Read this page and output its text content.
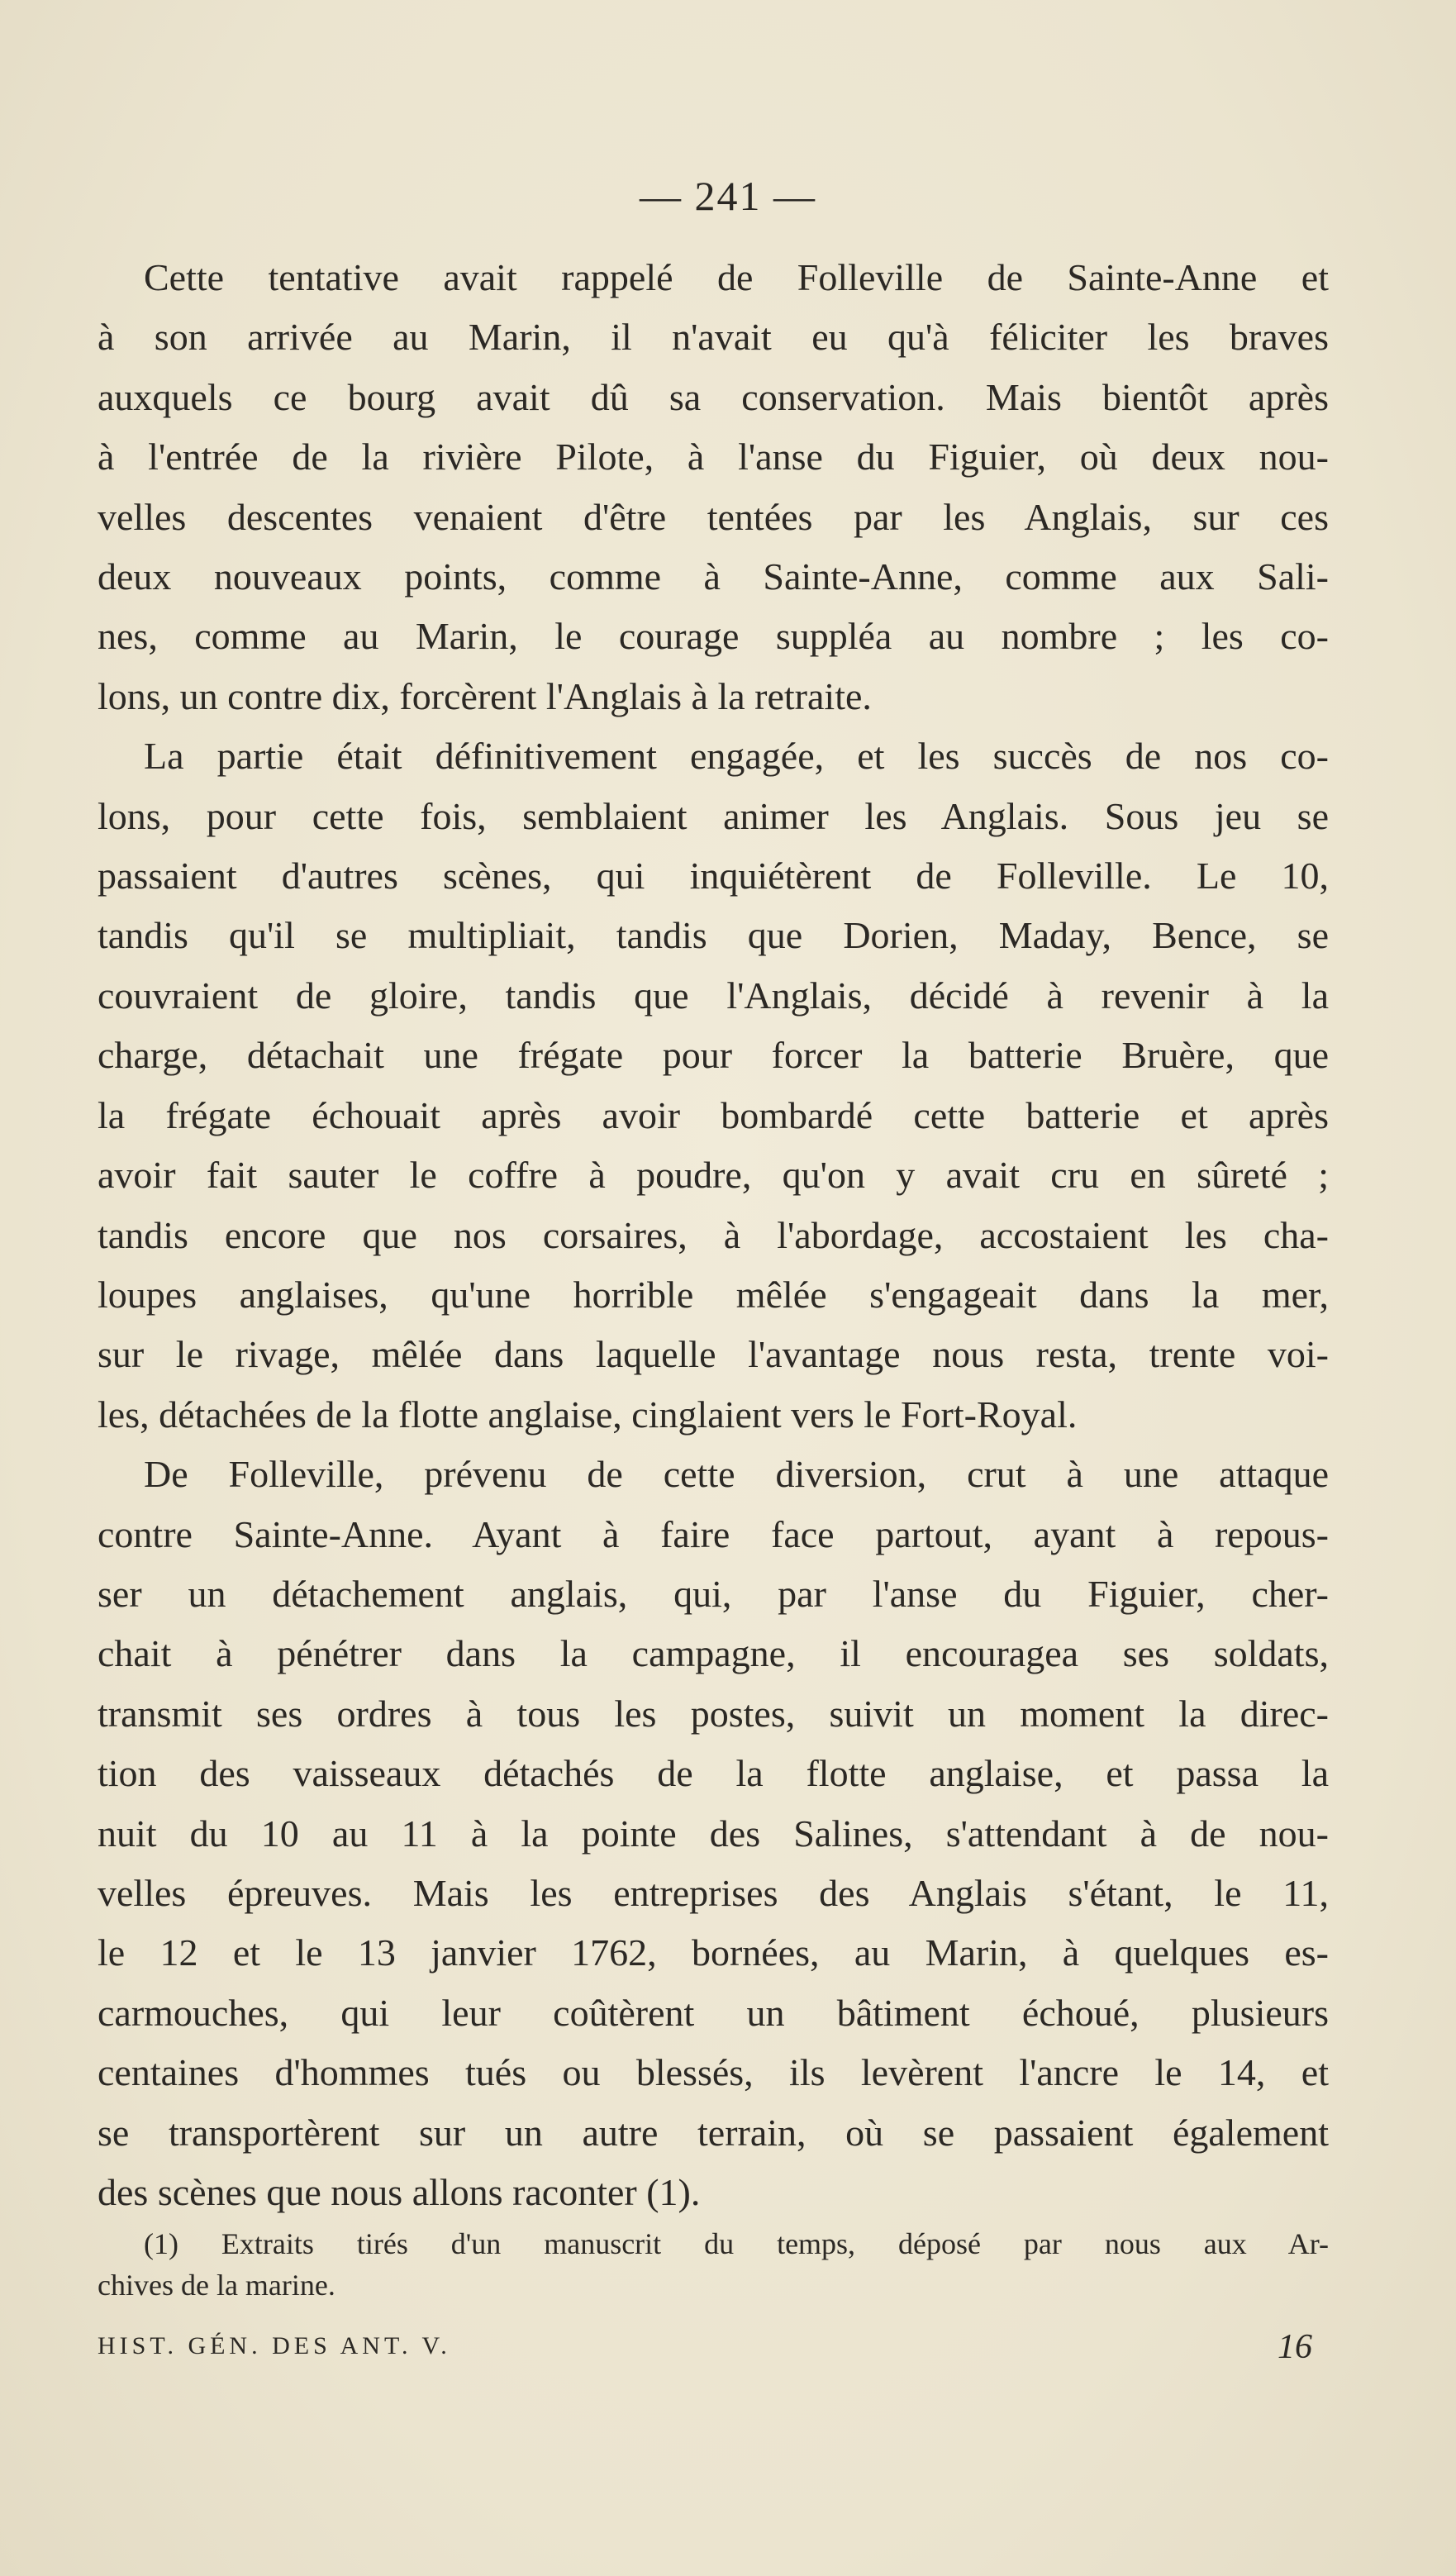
— 241 —
Cette tentative avait rappelé de Folleville de Sainte-Anne et
à son arrivée au Marin, il n'avait eu qu'à féliciter les braves
auxquels ce bourg avait dû sa conservation. Mais bientôt après
à l'entrée de la rivière Pilote, à l'anse du Figuier, où deux nou-
velles descentes venaient d'être tentées par les Anglais, sur ces
deux nouveaux points, comme à Sainte-Anne, comme aux Sali-
nes, comme au Marin, le courage suppléa au nombre ; les co-
lons, un contre dix, forcèrent l'Anglais à la retraite.
La partie était définitivement engagée, et les succès de nos co-
lons, pour cette fois, semblaient animer les Anglais. Sous jeu se
passaient d'autres scènes, qui inquiétèrent de Folleville. Le 10,
tandis qu'il se multipliait, tandis que Dorien, Maday, Bence, se
couvraient de gloire, tandis que l'Anglais, décidé à revenir à la
charge, détachait une frégate pour forcer la batterie Bruère, que
la frégate échouait après avoir bombardé cette batterie et après
avoir fait sauter le coffre à poudre, qu'on y avait cru en sûreté ;
tandis encore que nos corsaires, à l'abordage, accostaient les cha-
loupes anglaises, qu'une horrible mêlée s'engageait dans la mer,
sur le rivage, mêlée dans laquelle l'avantage nous resta, trente voi-
les, détachées de la flotte anglaise, cinglaient vers le Fort-Royal.
De Folleville, prévenu de cette diversion, crut à une attaque
contre Sainte-Anne. Ayant à faire face partout, ayant à repous-
ser un détachement anglais, qui, par l'anse du Figuier, cher-
chait à pénétrer dans la campagne, il encouragea ses soldats,
transmit ses ordres à tous les postes, suivit un moment la direc-
tion des vaisseaux détachés de la flotte anglaise, et passa la
nuit du 10 au 11 à la pointe des Salines, s'attendant à de nou-
velles épreuves. Mais les entreprises des Anglais s'étant, le 11,
le 12 et le 13 janvier 1762, bornées, au Marin, à quelques es-
carmouches, qui leur coûtèrent un bâtiment échoué, plusieurs
centaines d'hommes tués ou blessés, ils levèrent l'ancre le 14, et
se transportèrent sur un autre terrain, où se passaient également
des scènes que nous allons raconter (1).
(1) Extraits tirés d'un manuscrit du temps, déposé par nous aux Ar-
chives de la marine.
HIST. GÉN. DES ANT. V.	16
